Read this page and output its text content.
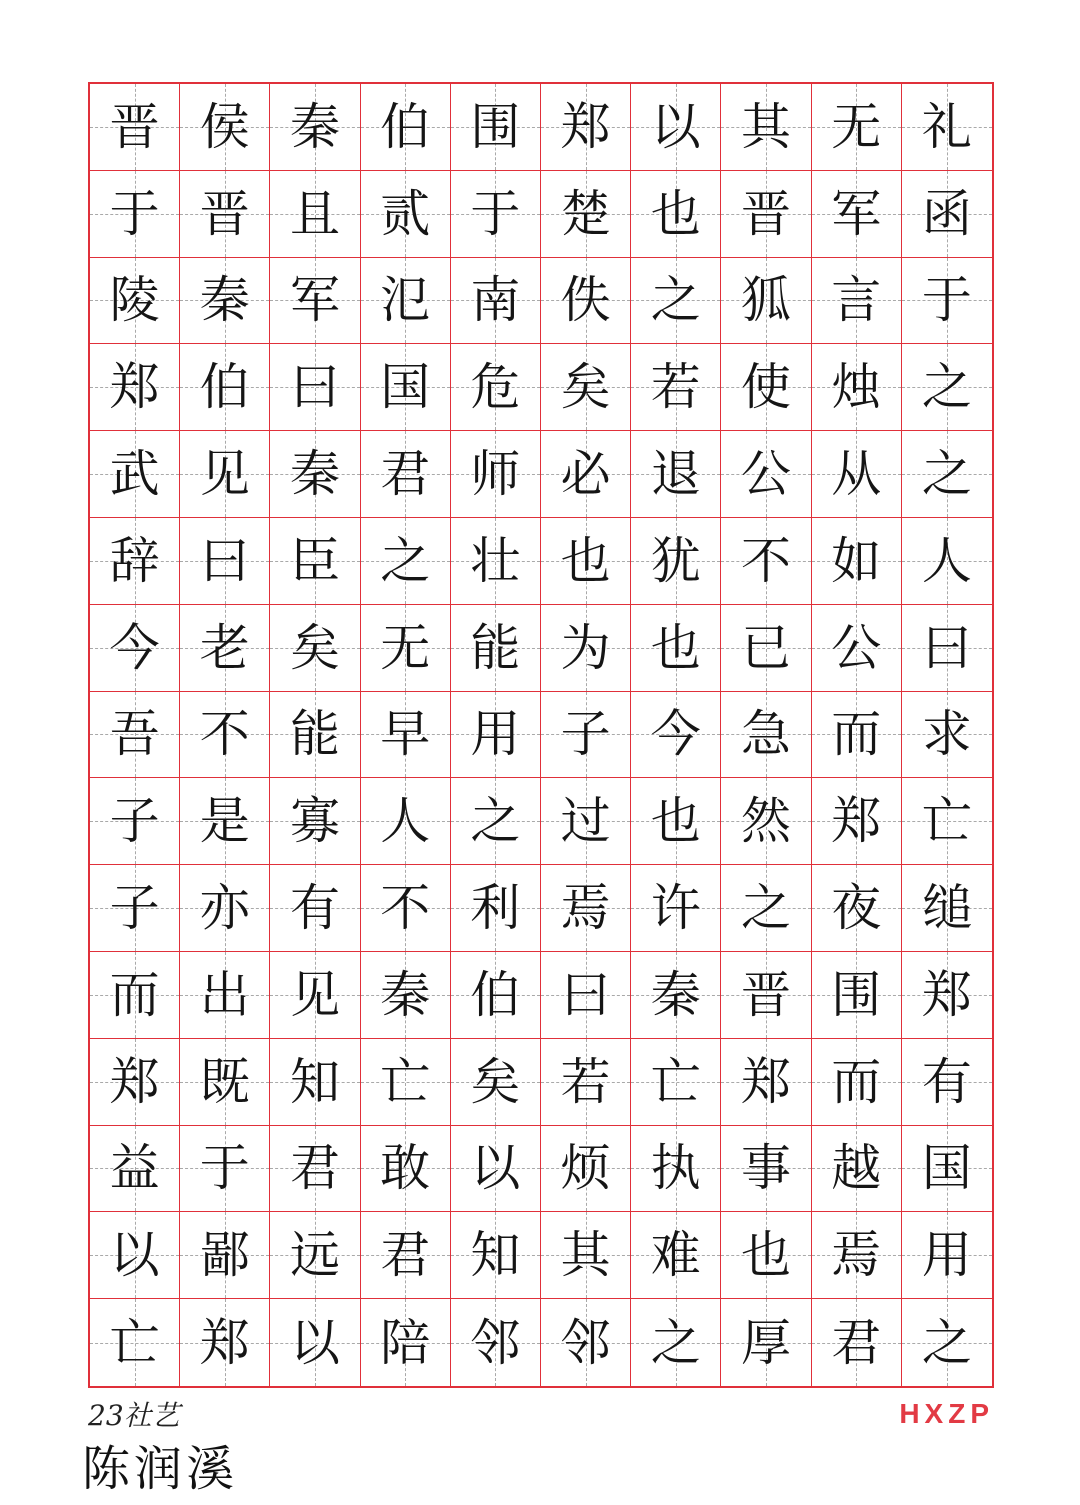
晋 侯 秦 伯 围 郑 以 其 无 礼
于 晋 且 贰 于 楚 也 晋 军 函
陵 秦 军 氾 南 佚 之 狐 言 于
郑 伯 曰 国 危 矣 若 使 烛 之
武 见 秦 君 师 必 退 公 从 之
辞 曰 臣 之 壮 也 犹 不 如 人
今 老 矣 无 能 为 也 已 公 曰
吾 不 能 早 用 子 今 急 而 求
子 是 寡 人 之 过 也 然 郑 亡
子 亦 有 不 利 焉 许 之 夜 缒
而 出 见 秦 伯 曰 秦 晋 围 郑
郑 既 知 亡 矣 若 亡 郑 而 有
益 于 君 敢 以 烦 执 事 越 国
以 鄙 远 君 知 其 难 也 焉 用
亡 郑 以 陪 邻 邻 之 厚 君 之
23社艺
陈润溪
HXZP
